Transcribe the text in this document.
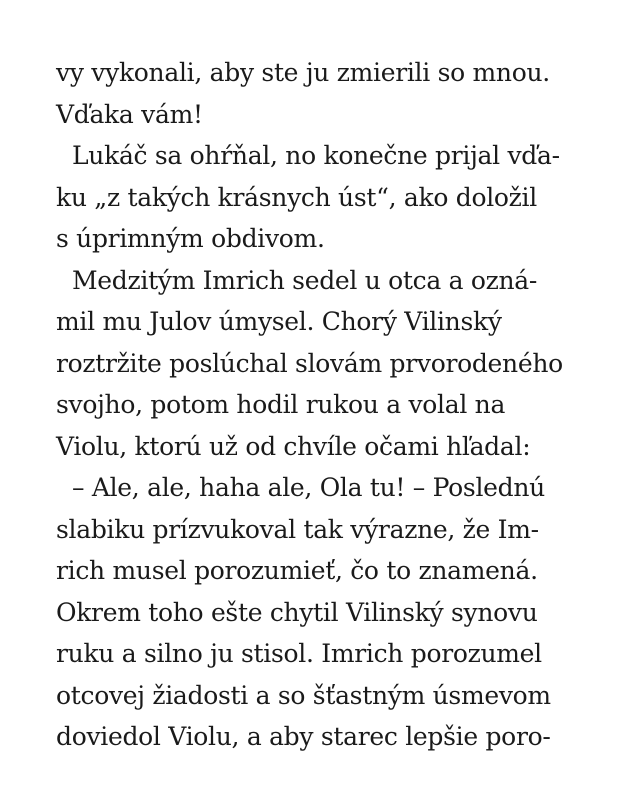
vy vykonali, aby ste ju zmierili so mnou.
Vďaka vám!
Lukáč sa ohŕňal, no konečne prijal vďa-
ku „z takých krásnych úst“, ako doložil
s úprimným obdivom.
Medzitým Imrich sedel u otca a ozná-
mil mu Julov úmysel. Chorý Vilinský
roztržite poslúchal slovám prvorodeného
svojho, potom hodil rukou a volal na
Violu, ktorú už od chvíle očami hľadal:
– Ale, ale, haha ale, Ola tu! – Poslednú
slabiku prízvukoval tak výrazne, že Im-
rich musel porozumieť, čo to znamená.
Okrem toho ešte chytil Vilinský synovu
ruku a silno ju stisol. Imrich porozumel
otcovej žiadosti a so šťastným úsmevom
doviedol Violu, a aby starec lepšie poro-
